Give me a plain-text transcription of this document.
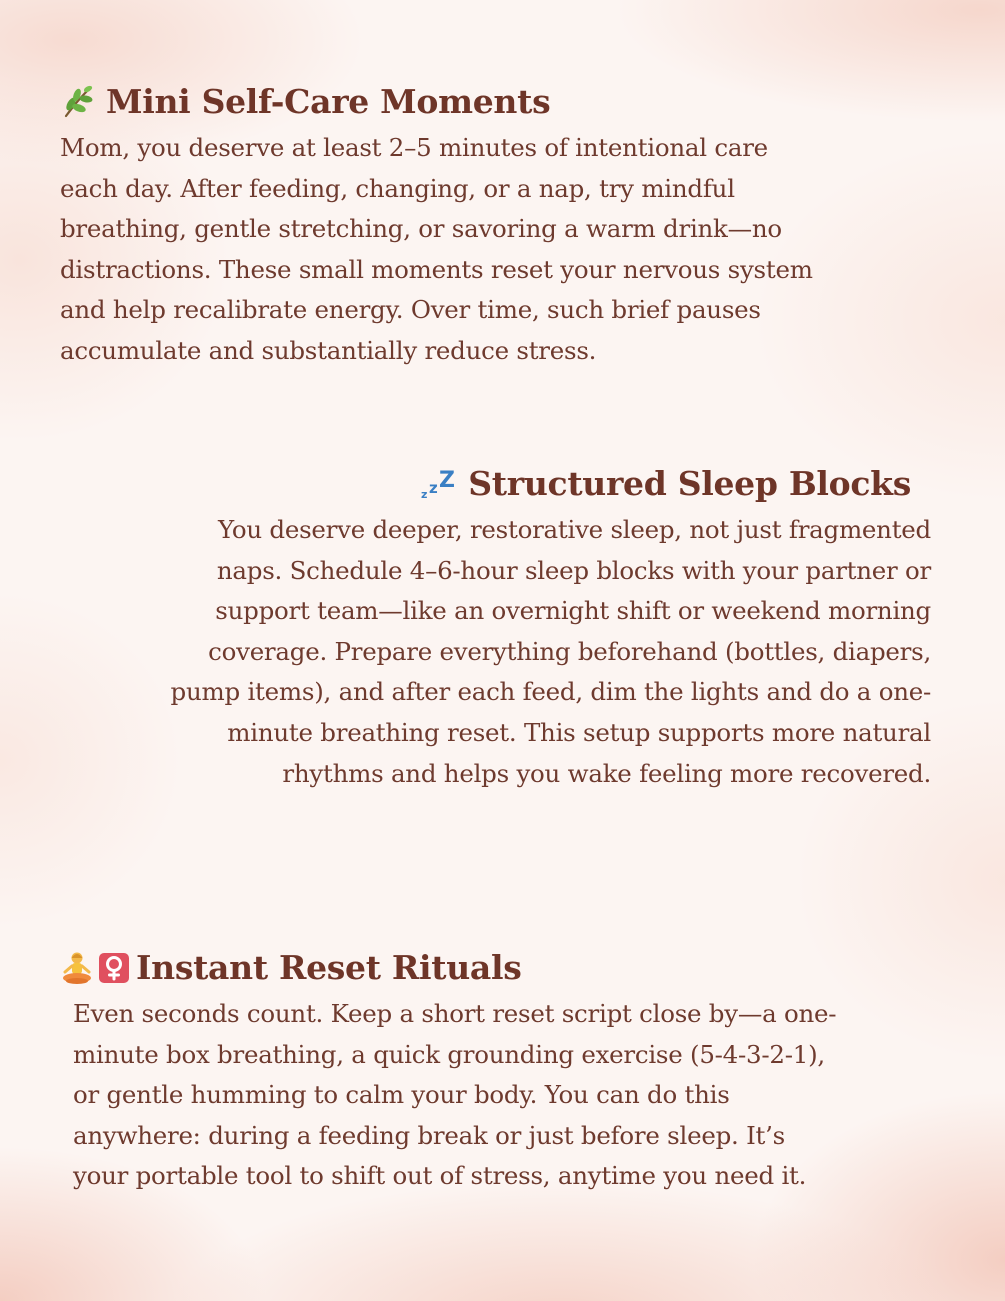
Mini Self-Care Moments

Mom, you deserve at least 2–5 minutes of intentional care
each day. After feeding, changing, or a nap, try mindful
breathing, gentle stretching, or savoring a warm drink—no
distractions. These small moments reset your nervous system
and help recalibrate energy. Over time, such brief pauses
accumulate and substantially reduce stress.

z z Z Structured Sleep Blocks

You deserve deeper, restorative sleep, not just fragmented
naps. Schedule 4–6-hour sleep blocks with your partner or
support team—like an overnight shift or weekend morning
coverage. Prepare everything beforehand (bottles, diapers,
pump items), and after each feed, dim the lights and do a one-
minute breathing reset. This setup supports more natural
rhythms and helps you wake feeling more recovered.

Instant Reset Rituals

Even seconds count. Keep a short reset script close by—a one-
minute box breathing, a quick grounding exercise (5-4-3-2-1),
or gentle humming to calm your body. You can do this
anywhere: during a feeding break or just before sleep. It’s
your portable tool to shift out of stress, anytime you need it.
